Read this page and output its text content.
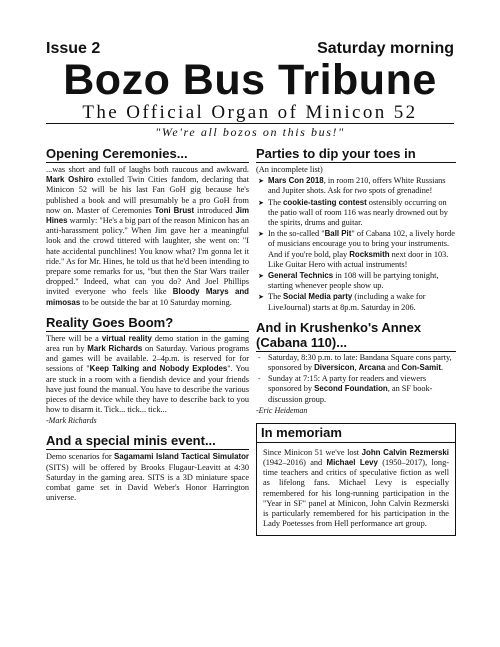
Issue 2	Saturday morning
Bozo Bus Tribune
The Official Organ of Minicon 52
"We're all bozos on this bus!"
Opening Ceremonies...

...was short and full of laughs both raucous and awkward. Mark Oshiro extolled Twin Cities fandom, declaring that Minicon 52 will be his last Fan GoH gig because he's published a book and will presumably be a pro GoH from now on. Master of Ceremonies Toni Brust introduced Jim Hines warmly: "He's a big part of the reason Minicon has an anti-harassment policy." When Jim gave her a meaningful look and the crowd tittered with laughter, she went on: "I hate accidental punchlines! You know what? I'm gonna let it ride." As for Mr. Hines, he told us that he'd been intending to prepare some remarks for us, "but then the Star Wars trailer dropped." Indeed, what can you do? And Joel Phillips invited everyone who feels like Bloody Marys and mimosas to be outside the bar at 10 Saturday morning.

Reality Goes Boom?

There will be a virtual reality demo station in the gaming area run by Mark Richards on Saturday. Various programs and games will be available. 2–4p.m. is reserved for for sessions of "Keep Talking and Nobody Explodes". You are stuck in a room with a fiendish device and your friends have just found the manual. You have to describe the various pieces of the device while they have to describe back to you how to disarm it. Tick... tick... tick...

-Mark Richards
And a special minis event...

Demo scenarios for Sagamami Island Tactical Simulator (SITS) will be offered by Brooks Flugaur-Leavitt at 4:30 Saturday in the gaming area. SITS is a 3D miniature space combat game set in David Weber's Honor Harrington universe.

Parties to dip your toes in
(An incomplete list)
➤ Mars Con 2018, in room 210, offers White Russians and Jupiter shots. Ask for two spots of grenadine!
➤ The cookie-tasting contest ostensibly occurring on the patio wall of room 116 was nearly drowned out by the spirits, drums and guitar.
➤ In the so-called "Ball Pit" of Cabana 102, a lively horde of musicians encourage you to bring your instruments. And if you're bold, play Rocksmith next door in 103. Like Guitar Hero with actual instruments!
➤ General Technics in 108 will be partying tonight, starting whenever people show up.
➤ The Social Media party (including a wake for LiveJournal) starts at 8p.m. Saturday in 206.
And in Krushenko's Annex (Cabana 110)...
- Saturday, 8:30 p.m. to late: Bandana Square cons party, sponsored by Diversicon, Arcana and Con-Samit.
- Sunday at 7:15: A party for readers and viewers sponsored by Second Foundation, an SF book-discussion group.
-Eric Heideman
In memoriam

Since Minicon 51 we've lost John Calvin Rezmerski (1942–2016) and Michael Levy (1950–2017), long-time teachers and critics of speculative fiction as well as lifelong fans. Michael Levy is especially remembered for his long-running participation in the "Year in SF" panel at Minicon, John Calvin Rezmerski is particularly remembered for his participation in the Lady Poetesses from Hell performance art group.
